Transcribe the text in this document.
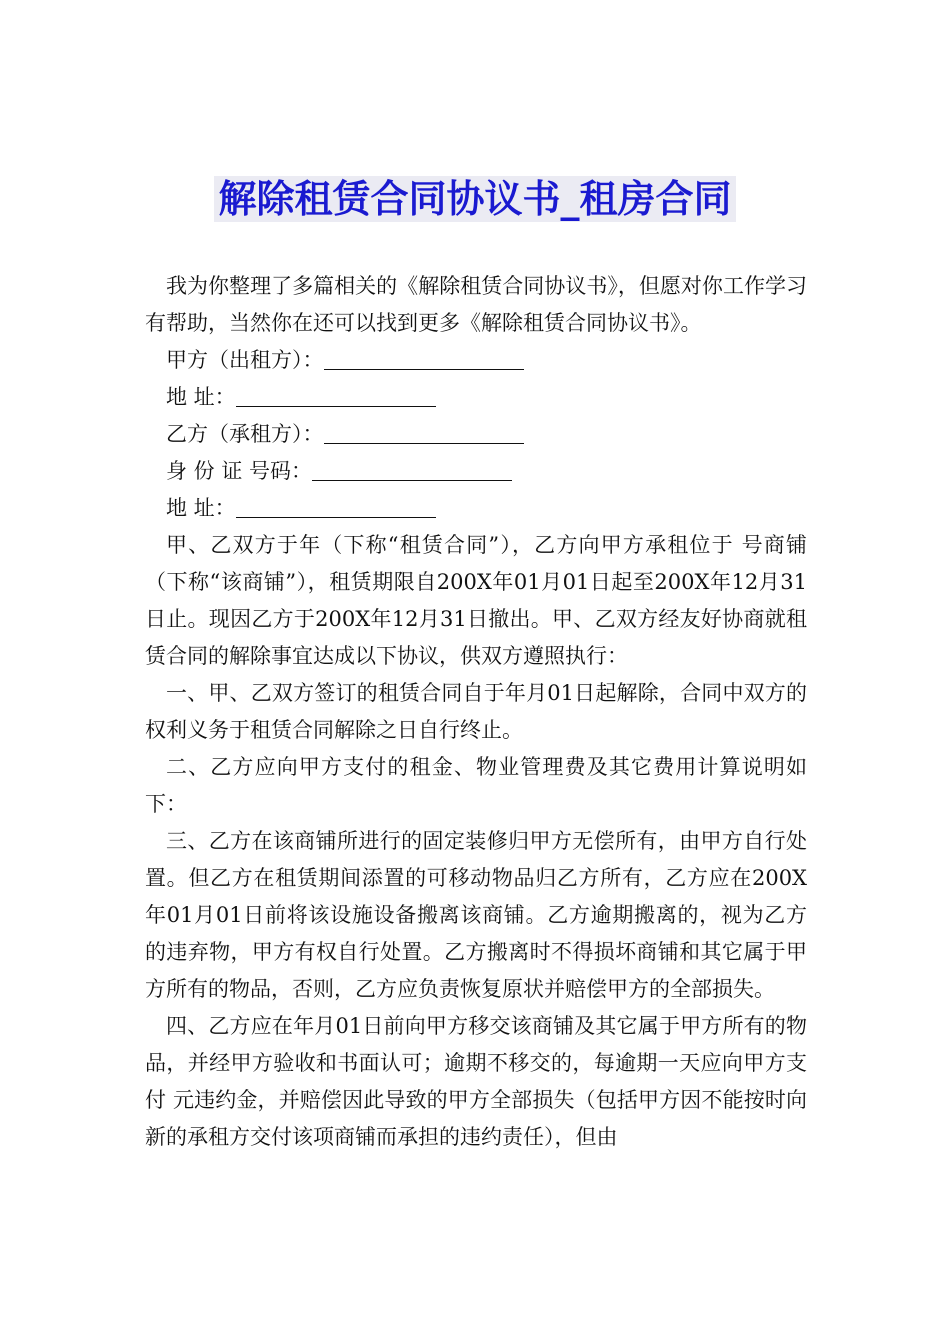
解除租赁合同协议书_租房合同

我为你整理了多篇相关的《解除租赁合同协议书》，但愿对你工作学习有帮助，当然你在还可以找到更多《解除租赁合同协议书》。

甲方（出租方）：

地 址：

乙方（承租方）：

身 份 证 号码：

地 址：

甲、乙双方于年（下称“租赁合同”），乙方向甲方承租位于 号商铺（下称“该商铺”），租赁期限自200X年01月01日起至200X年12月31日止。现因乙方于200X年12月31日撤出。甲、乙双方经友好协商就租赁合同的解除事宜达成以下协议，供双方遵照执行：

一、甲、乙双方签订的租赁合同自于年月01日起解除，合同中双方的权利义务于租赁合同解除之日自行终止。

二、乙方应向甲方支付的租金、物业管理费及其它费用计算说明如下：

三、乙方在该商铺所进行的固定装修归甲方无偿所有，由甲方自行处置。但乙方在租赁期间添置的可移动物品归乙方所有，乙方应在200X年01月01日前将该设施设备搬离该商铺。乙方逾期搬离的，视为乙方的违弃物，甲方有权自行处置。乙方搬离时不得损坏商铺和其它属于甲方所有的物品，否则，乙方应负责恢复原状并赔偿甲方的全部损失。

四、乙方应在年月01日前向甲方移交该商铺及其它属于甲方所有的物品，并经甲方验收和书面认可；逾期不移交的，每逾期一天应向甲方支付 元违约金，并赔偿因此导致的甲方全部损失（包括甲方因不能按时向新的承租方交付该项商铺而承担的违约责任），但由
